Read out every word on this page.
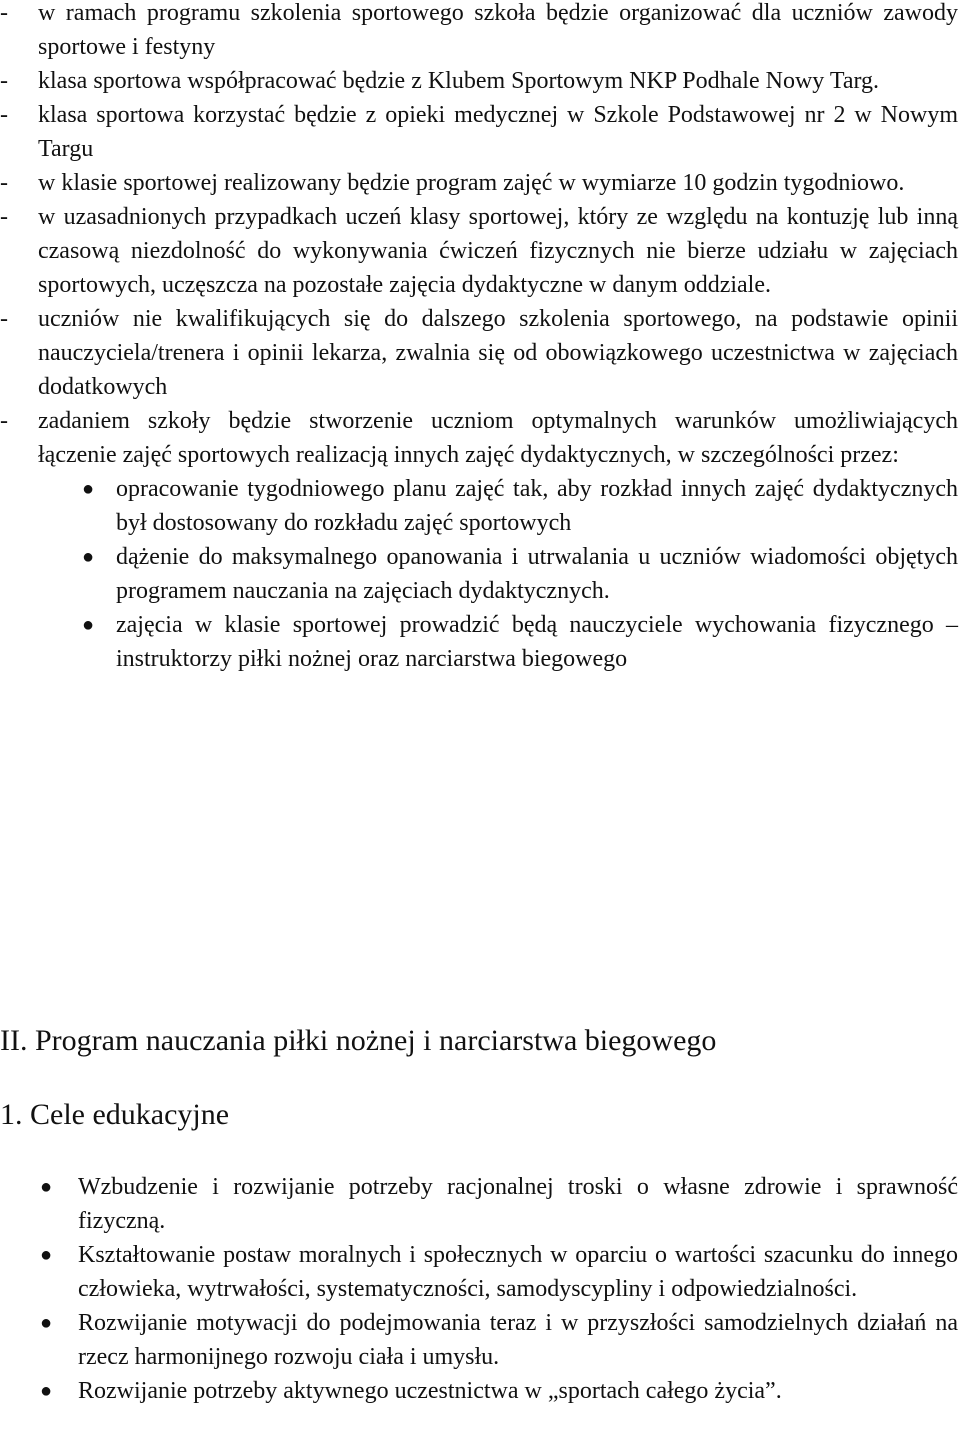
-	w ramach programu szkolenia sportowego szkoła będzie organizować dla uczniów zawody sportowe i festyny
-	klasa sportowa współpracować będzie z Klubem Sportowym NKP Podhale Nowy Targ.
-	klasa sportowa korzystać będzie z opieki medycznej w Szkole Podstawowej nr 2 w Nowym Targu
-	w klasie sportowej realizowany będzie program zajęć w wymiarze 10 godzin tygodniowo.
-	w uzasadnionych przypadkach uczeń klasy sportowej, który ze względu na kontuzję lub inną czasową niezdolność do wykonywania ćwiczeń fizycznych nie bierze udziału w zajęciach sportowych, uczęszcza na pozostałe zajęcia dydaktyczne w danym oddziale.
-	uczniów nie kwalifikujących się do dalszego szkolenia sportowego, na podstawie opinii nauczyciela/trenera i opinii lekarza, zwalnia się od obowiązkowego uczestnictwa w zajęciach dodatkowych
-	zadaniem szkoły będzie stworzenie uczniom optymalnych warunków umożliwiających łączenie zajęć sportowych realizacją innych zajęć dydaktycznych, w szczególności przez:
● opracowanie tygodniowego planu zajęć tak, aby rozkład innych zajęć dydaktycznych był dostosowany do rozkładu zajęć sportowych
● dążenie do maksymalnego opanowania i utrwalania u uczniów wiadomości objętych programem nauczania na zajęciach dydaktycznych.
● zajęcia w klasie sportowej prowadzić będą nauczyciele wychowania fizycznego – instruktorzy piłki nożnej oraz narciarstwa biegowego
II. Program nauczania piłki nożnej i narciarstwa biegowego
1. Cele edukacyjne
● Wzbudzenie i rozwijanie potrzeby racjonalnej troski o własne zdrowie i sprawność fizyczną.
● Kształtowanie postaw moralnych i społecznych w oparciu o wartości szacunku do innego człowieka, wytrwałości, systematyczności, samodyscypliny i odpowiedzialności.
● Rozwijanie motywacji do podejmowania teraz i w przyszłości samodzielnych działań na rzecz harmonijnego rozwoju ciała i umysłu.
● Rozwijanie potrzeby aktywnego uczestnictwa w „sportach całego życia”.
